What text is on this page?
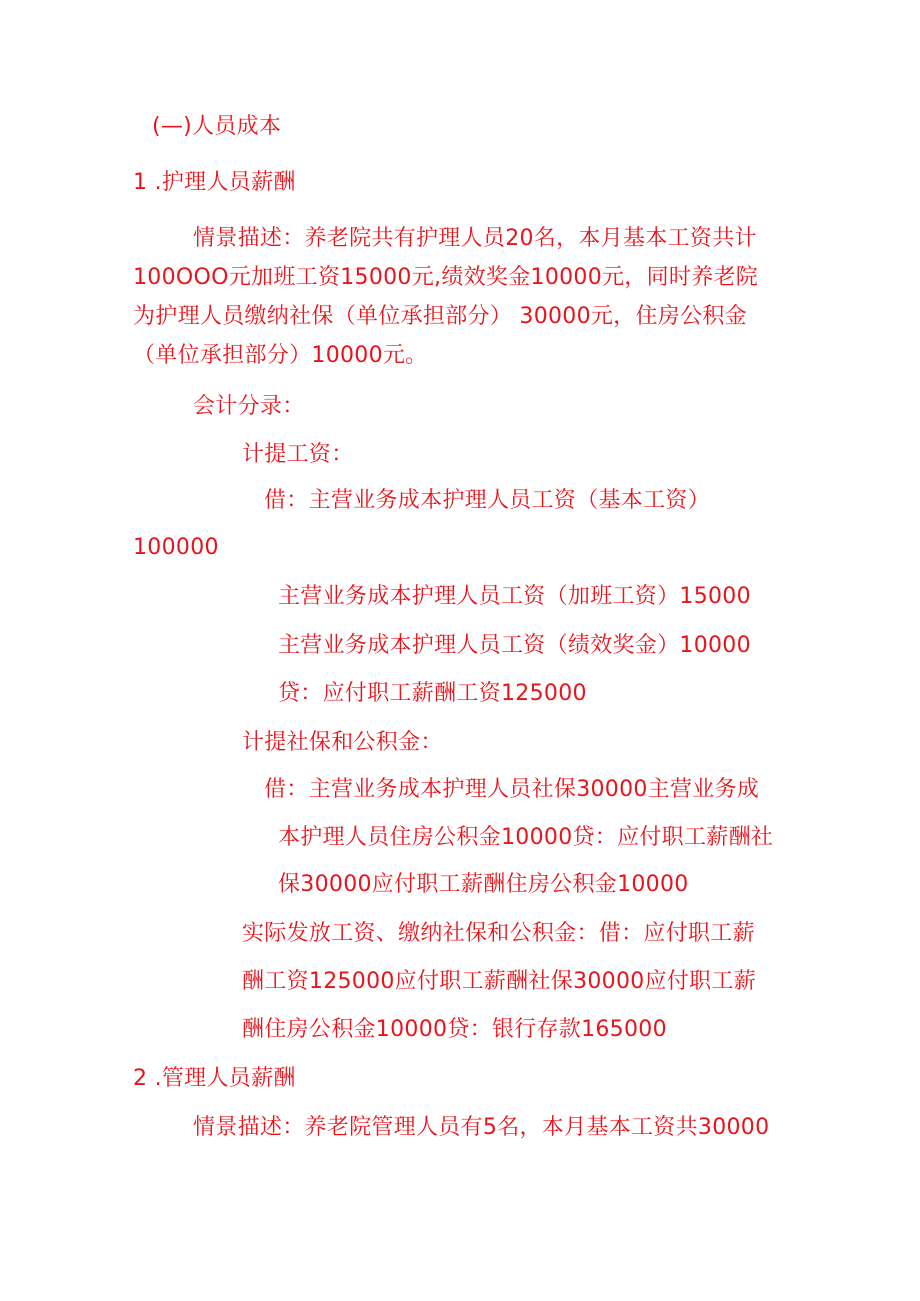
(—)人员成本
1 .护理人员薪酬
情景描述：养老院共有护理人员20名，本月基本工资共计
100OOO元加班工资15000元,绩效奖金10000元，同时养老院
为护理人员缴纳社保（单位承担部分） 30000元，住房公积金
（单位承担部分）10000元。
会计分录：
计提工资：
借：主营业务成本护理人员工资（基本工资）
100000
主营业务成本护理人员工资（加班工资）15000
主营业务成本护理人员工资（绩效奖金）10000
贷：应付职工薪酬工资125000
计提社保和公积金：
借：主营业务成本护理人员社保30000主营业务成
本护理人员住房公积金10000贷：应付职工薪酬社
保30000应付职工薪酬住房公积金10000
实际发放工资、缴纳社保和公积金：借：应付职工薪
酬工资125000应付职工薪酬社保30000应付职工薪
酬住房公积金10000贷：银行存款165000
2 .管理人员薪酬
情景描述：养老院管理人员有5名，本月基本工资共30000
